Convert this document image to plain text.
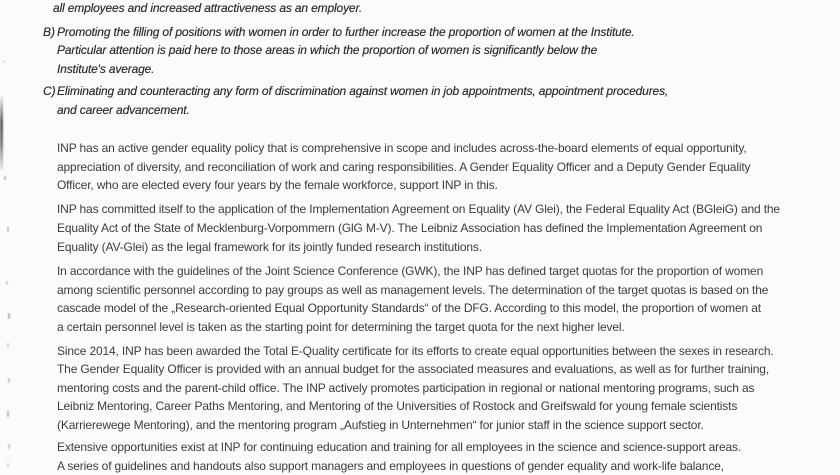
all employees and increased attractiveness as an employer.
B) Promoting the filling of positions with women in order to further increase the proportion of women at the Institute.
Particular attention is paid here to those areas in which the proportion of women is significantly below the
Institute's average.
C) Eliminating and counteracting any form of discrimination against women in job appointments, appointment procedures,
and career advancement.
INP has an active gender equality policy that is comprehensive in scope and includes across-the-board elements of equal opportunity,
appreciation of diversity, and reconciliation of work and caring responsibilities. A Gender Equality Officer and a Deputy Gender Equality
Officer, who are elected every four years by the female workforce, support INP in this.
INP has committed itself to the application of the Implementation Agreement on Equality (AV Glei), the Federal Equality Act (BGleiG) and the
Equality Act of the State of Mecklenburg-Vorpommern (GlG M-V). The Leibniz Association has defined the Implementation Agreement on
Equality (AV-Glei) as the legal framework for its jointly funded research institutions.
In accordance with the guidelines of the Joint Science Conference (GWK), the INP has defined target quotas for the proportion of women
among scientific personnel according to pay groups as well as management levels. The determination of the target quotas is based on the
cascade model of the „Research-oriented Equal Opportunity Standards“ of the DFG. According to this model, the proportion of women at
a certain personnel level is taken as the starting point for determining the target quota for the next higher level.
Since 2014, INP has been awarded the Total E-Quality certificate for its efforts to create equal opportunities between the sexes in research.
The Gender Equality Officer is provided with an annual budget for the associated measures and evaluations, as well as for further training,
mentoring costs and the parent-child office. The INP actively promotes participation in regional or national mentoring programs, such as
Leibniz Mentoring, Career Paths Mentoring, and Mentoring of the Universities of Rostock and Greifswald for young female scientists
(Karrierewege Mentoring), and the mentoring program „Aufstieg in Unternehmen“ for junior staff in the science support sector.
Extensive opportunities exist at INP for continuing education and training for all employees in the science and science-support areas.
A series of guidelines and handouts also support managers and employees in questions of gender equality and work-life balance,
